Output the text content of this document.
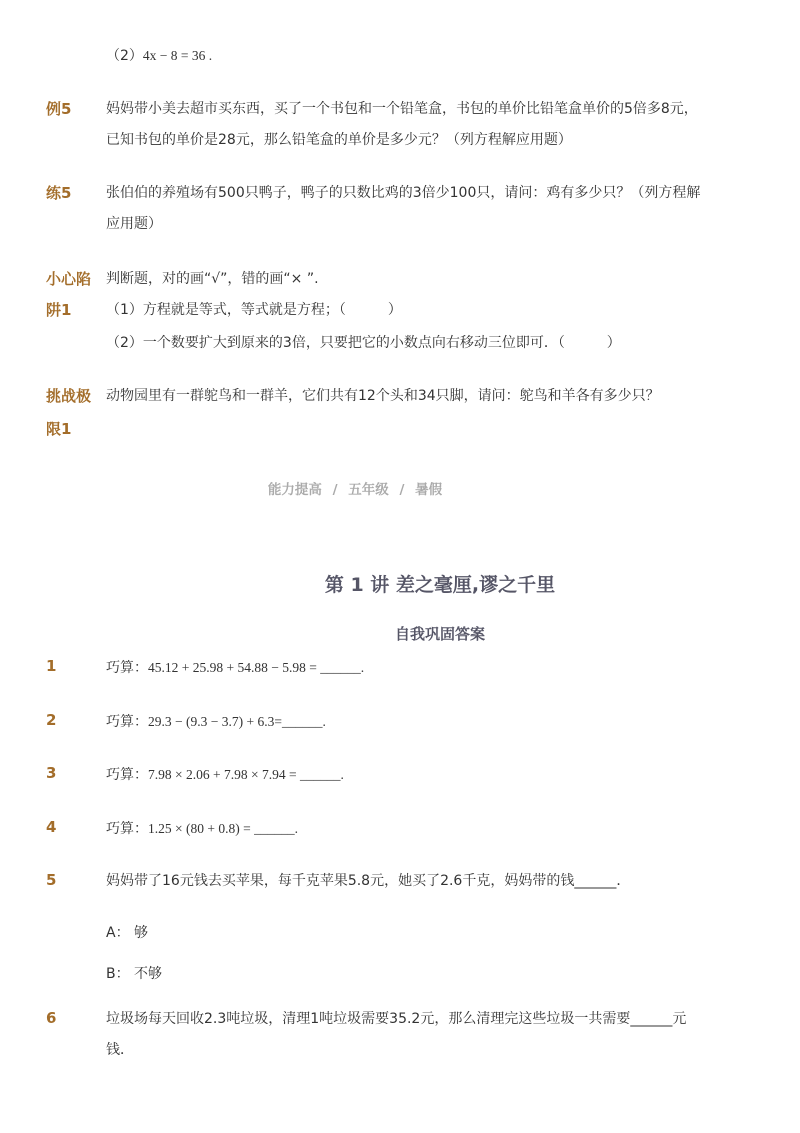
（2）4x − 8 = 36 .
例5 妈妈带小美去超市买东西，买了一个书包和一个铅笔盒，书包的单价比铅笔盒单价的5倍多8元，
已知书包的单价是28元，那么铅笔盒的单价是多少元？（列方程解应用题）
练5 张伯伯的养殖场有500只鸭子，鸭子的只数比鸡的3倍少100只，请问：鸡有多少只？（列方程解
应用题）
小心陷
阱1
判断题，对的画“√”，错的画“× ”.
（1）方程就是等式，等式就是方程；（　　　）
（2）一个数要扩大到原来的3倍，只要把它的小数点向右移动三位即可．（　　　）
挑战极
限1
动物园里有一群鸵鸟和一群羊，它们共有12个头和34只脚，请问：鸵鸟和羊各有多少只？
能力提高 / 五年级 / 暑假
第 1 讲 差之毫厘,谬之千里
自我巩固答案
1	巧算：45.12 + 25.98 + 54.88 − 5.98 = ______.
2	巧算：29.3 − (9.3 − 3.7) + 6.3=______.
3	巧算：7.98 × 2.06 + 7.98 × 7.94 = ______.
4	巧算：1.25 × (80 + 0.8) = ______.
5	妈妈带了16元钱去买苹果，每千克苹果5.8元，她买了2.6千克，妈妈带的钱______．
A： 够
B： 不够
6	垃圾场每天回收2.3吨垃圾，清理1吨垃圾需要35.2元，那么清理完这些垃圾一共需要______元
钱．
